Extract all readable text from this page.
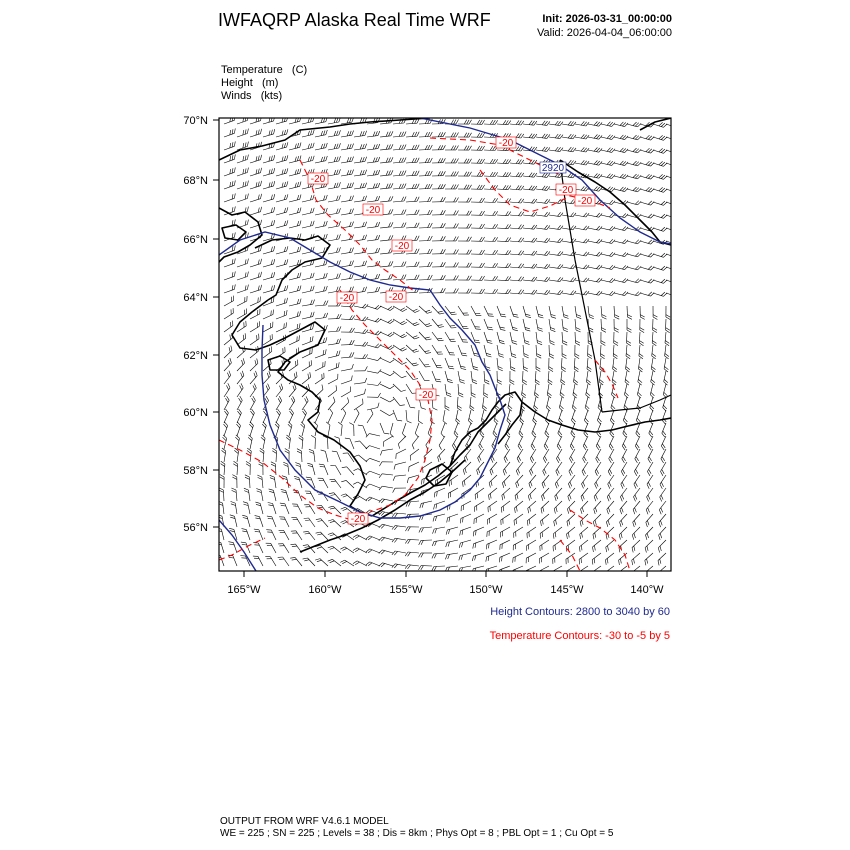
IWFAQRP Alaska Real Time WRF	Init: 2026-03-31_00:00:00
Valid: 2026-04-04_06:00:00
Temperature   (C)
Height   (m)
Winds   (kts)
-20
-20
-20	-20
-20
-20
-20
-20
-20
-20
2920
70°N
68°N
66°N
64°N
62°N
60°N
58°N
56°N
165°W	160°W	155°W	150°W	145°W	140°W
Height Contours: 2800 to 3040 by 60
Temperature Contours: -30 to -5 by 5
OUTPUT FROM WRF V4.6.1 MODEL
WE = 225 ; SN = 225 ; Levels = 38 ; Dis = 8km ; Phys Opt = 8 ; PBL Opt = 1 ; Cu Opt = 5
